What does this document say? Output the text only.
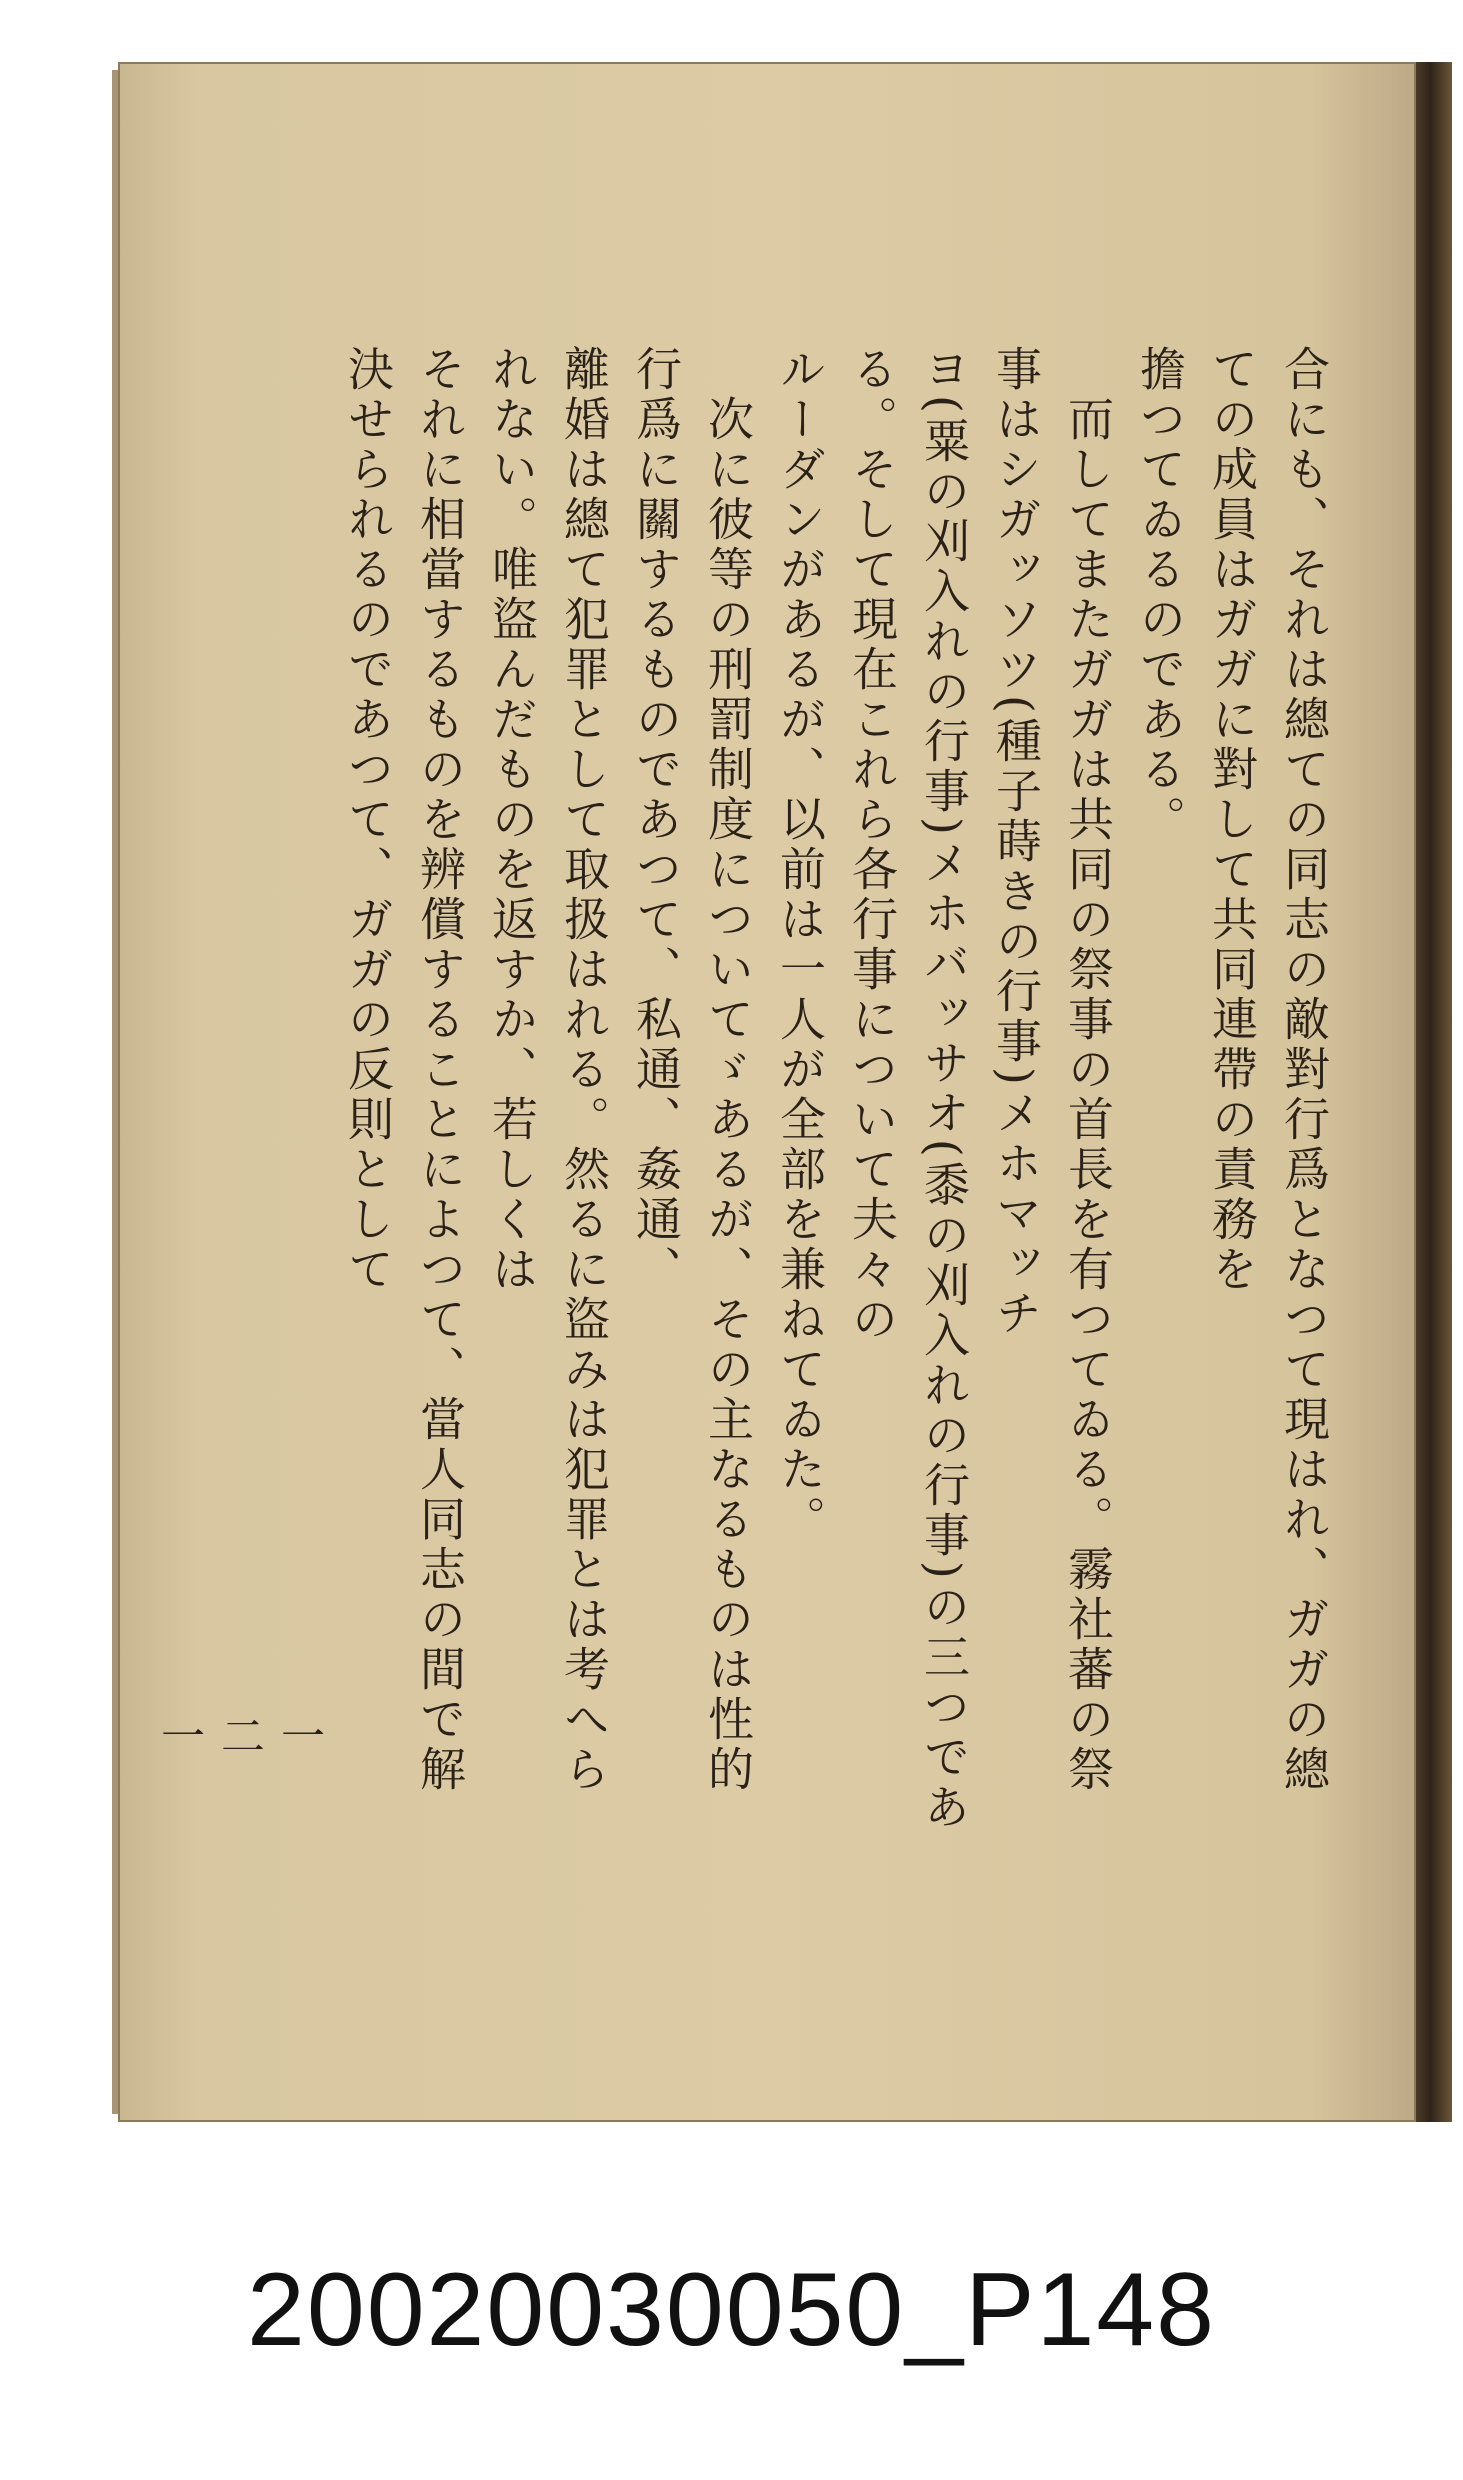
合にも、それは總ての同志の敵對行爲となつて現はれ、ガガの總ての成員はガガに對して共同連帶の責務を
擔つてゐるのである。
　而してまたガガは共同の祭事の首長を有つてゐる。霧社蕃の祭事はシガッソツ(種子蒔きの行事)メホマッチ
ヨ(粟の刈入れの行事)メホバッサオ(黍の刈入れの行事)の三つである。そして現在これら各行事について夫々の
ルーダンがあるが、以前は一人が全部を兼ねてゐた。
　次に彼等の刑罰制度についてゞあるが、その主なるものは性的行爲に關するものであつて、私通、姦通、
離婚は總て犯罪として取扱はれる。然るに盜みは犯罪とは考へられない。唯盜んだものを返すか、若しくは
それに相當するものを辨償することによつて、當人同志の間で解決せられるのであつて、ガガの反則として
一二一
20020030050_P148
